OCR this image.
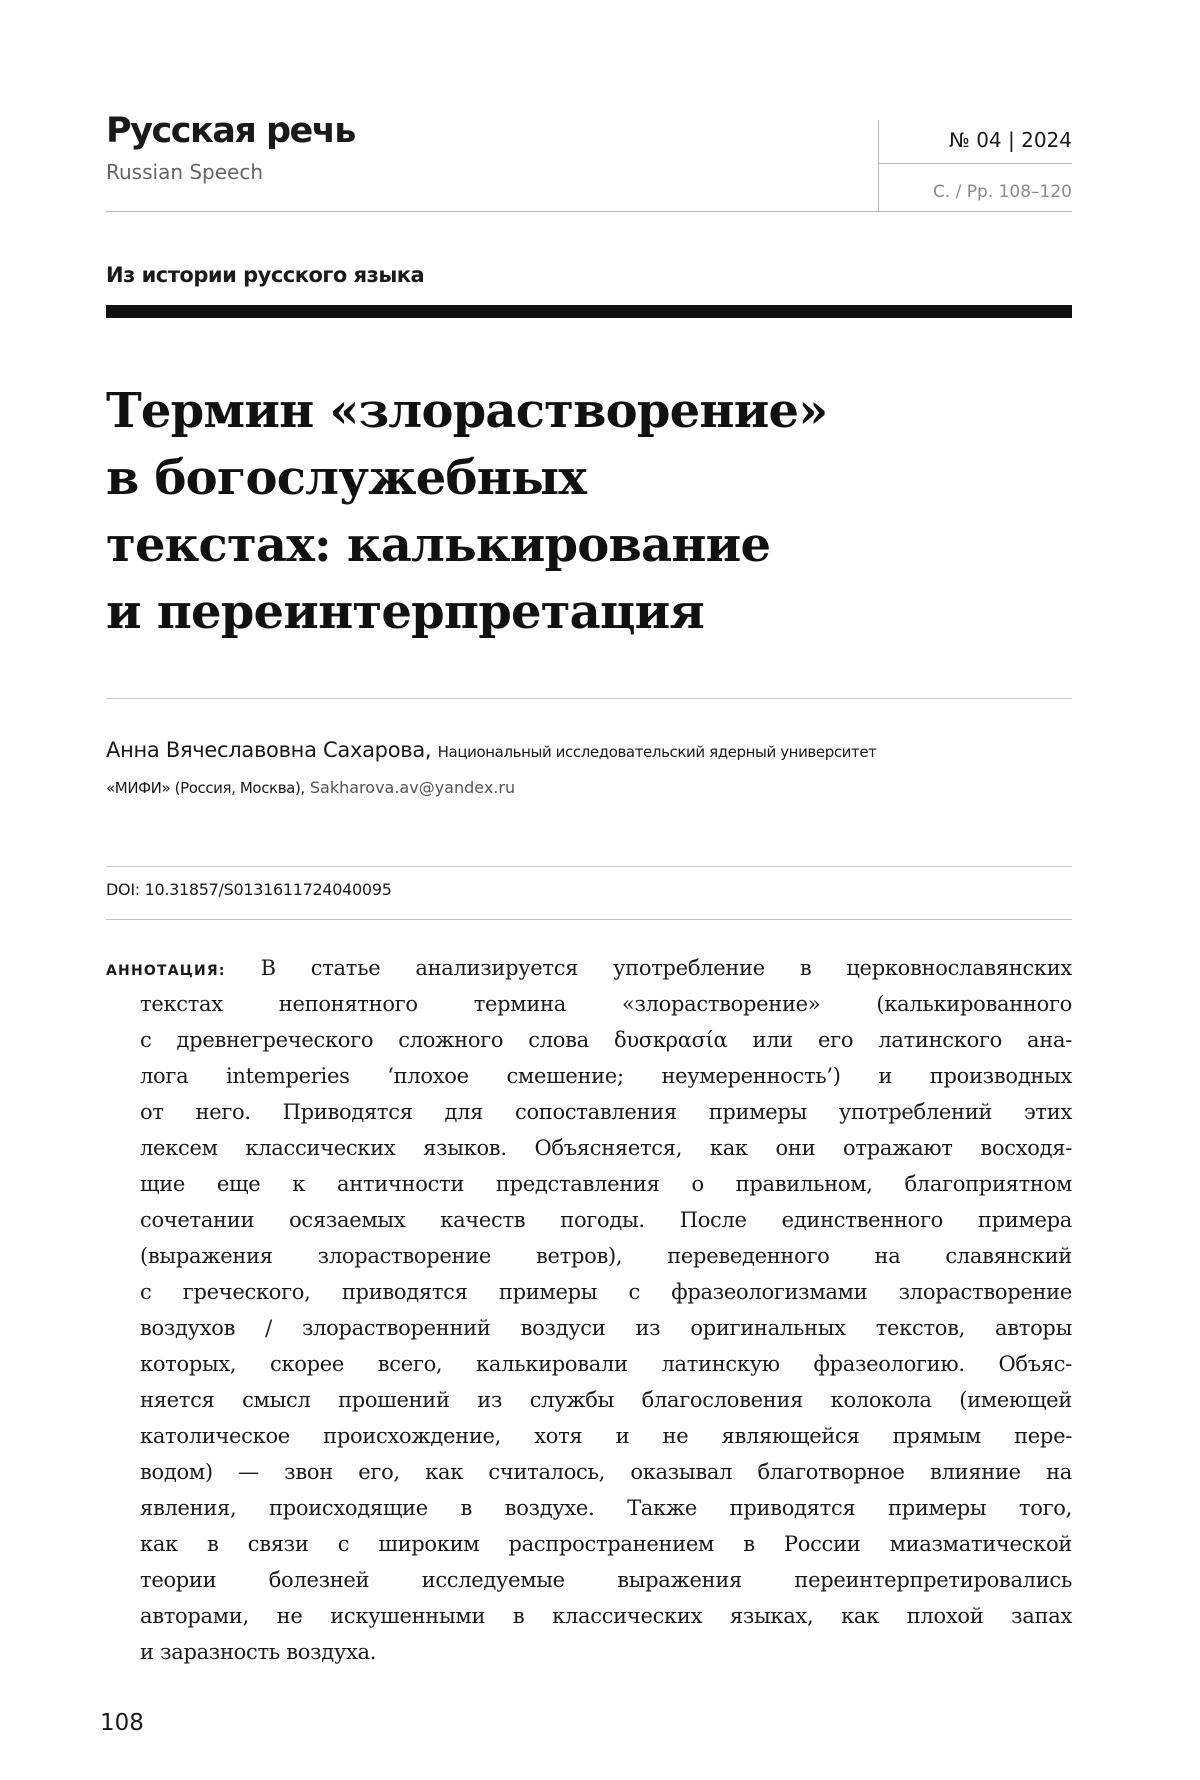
Русская речь
Russian Speech
№ 04 | 2024
С. / Pp. 108–120
Из истории русского языка
Термин «злорастворение»
в богослужебных
текстах: калькирование
и переинтерпретация
Анна Вячеславовна Сахарова, Национальный исследовательский ядерный университет
«МИФИ» (Россия, Москва), Sakharova.av@yandex.ru
DOI: 10.31857/S0131611724040095
АННОТАЦИЯ: В статье анализируется употребление в церковнославянских
текстах непонятного термина «злорастворение» (калькированного
с древнегреческого сложного слова δυσκρασία или его латинского ана-
лога intemperies ‘плохое смешение; неумеренность’) и производных
от него. Приводятся для сопоставления примеры употреблений этих
лексем классических языков. Объясняется, как они отражают восходя-
щие еще к античности представления о правильном, благоприятном
сочетании осязаемых качеств погоды. После единственного примера
(выражения злорастворение ветров), переведенного на славянский
с греческого, приводятся примеры с фразеологизмами злорастворение
воздухов / злорастворенний воздуси из оригинальных текстов, авторы
которых, скорее всего, калькировали латинскую фразеологию. Объяс-
няется смысл прошений из службы благословения колокола (имеющей
католическое происхождение, хотя и не являющейся прямым пере-
водом) — звон его, как считалось, оказывал благотворное влияние на
явления, происходящие в воздухе. Также приводятся примеры того,
как в связи с широким распространением в России миазматической
теории болезней исследуемые выражения переинтерпретировались
авторами, не искушенными в классических языках, как плохой запах
и заразность воздуха.
108
